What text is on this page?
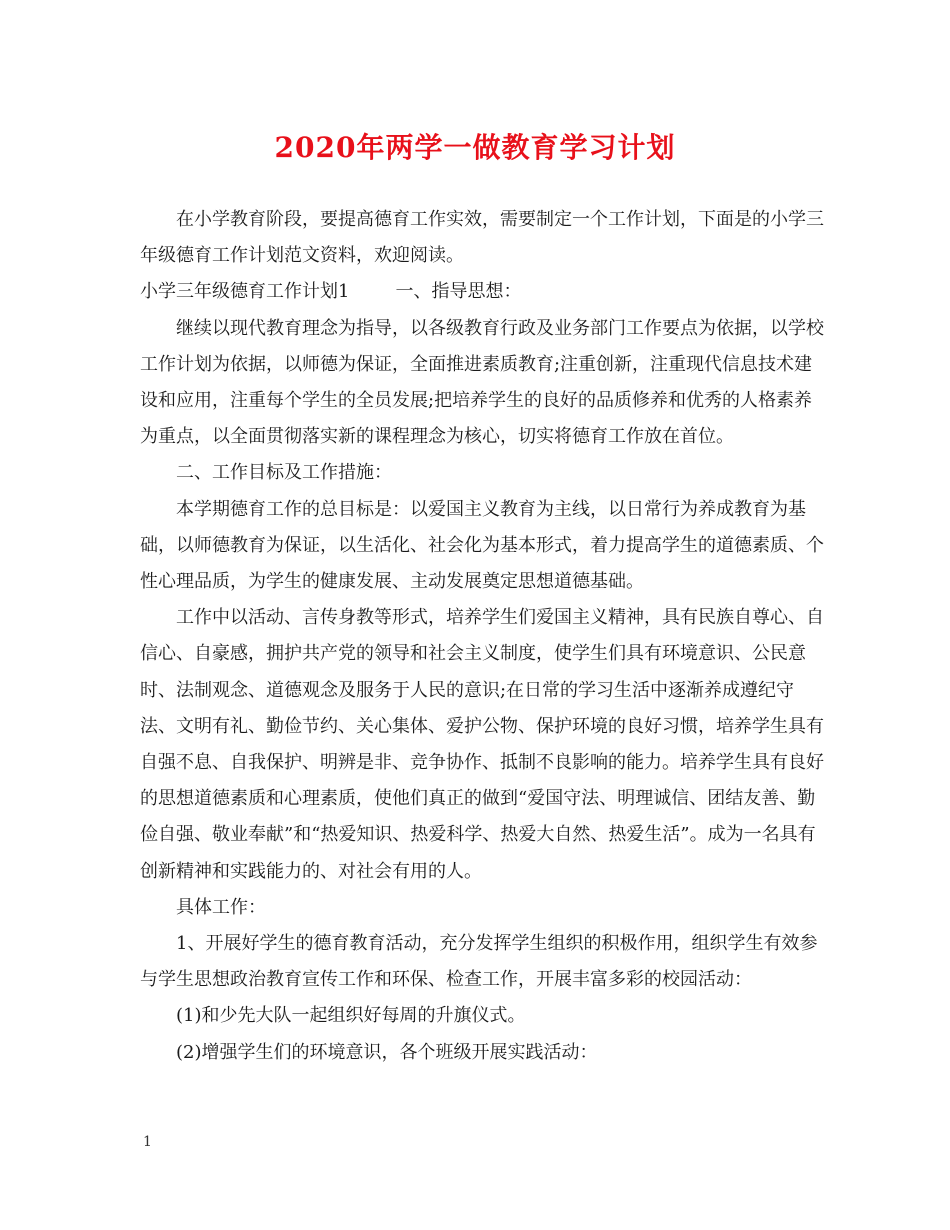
2020年两学一做教育学习计划

在小学教育阶段，要提高德育工作实效，需要制定一个工作计划，下面是的小学三年级德育工作计划范文资料，欢迎阅读。

小学三年级德育工作计划1	一、指导思想：

继续以现代教育理念为指导，以各级教育行政及业务部门工作要点为依据，以学校工作计划为依据，以师德为保证，全面推进素质教育;注重创新，注重现代信息技术建设和应用，注重每个学生的全员发展;把培养学生的良好的品质修养和优秀的人格素养为重点，以全面贯彻落实新的课程理念为核心，切实将德育工作放在首位。

二、工作目标及工作措施：

本学期德育工作的总目标是：以爱国主义教育为主线，以日常行为养成教育为基础，以师德教育为保证，以生活化、社会化为基本形式，着力提高学生的道德素质、个性心理品质，为学生的健康发展、主动发展奠定思想道德基础。

工作中以活动、言传身教等形式，培养学生们爱国主义精神，具有民族自尊心、自信心、自豪感，拥护共产党的领导和社会主义制度，使学生们具有环境意识、公民意时、法制观念、道德观念及服务于人民的意识;在日常的学习生活中逐渐养成遵纪守法、文明有礼、勤俭节约、关心集体、爱护公物、保护环境的良好习惯，培养学生具有自强不息、自我保护、明辨是非、竞争协作、抵制不良影响的能力。培养学生具有良好的思想道德素质和心理素质，使他们真正的做到“爱国守法、明理诚信、团结友善、勤俭自强、敬业奉献”和“热爱知识、热爱科学、热爱大自然、热爱生活”。成为一名具有创新精神和实践能力的、对社会有用的人。

具体工作：

1、开展好学生的德育教育活动，充分发挥学生组织的积极作用，组织学生有效参与学生思想政治教育宣传工作和环保、检查工作，开展丰富多彩的校园活动：

(1)和少先大队一起组织好每周的升旗仪式。

(2)增强学生们的环境意识，各个班级开展实践活动：

1
